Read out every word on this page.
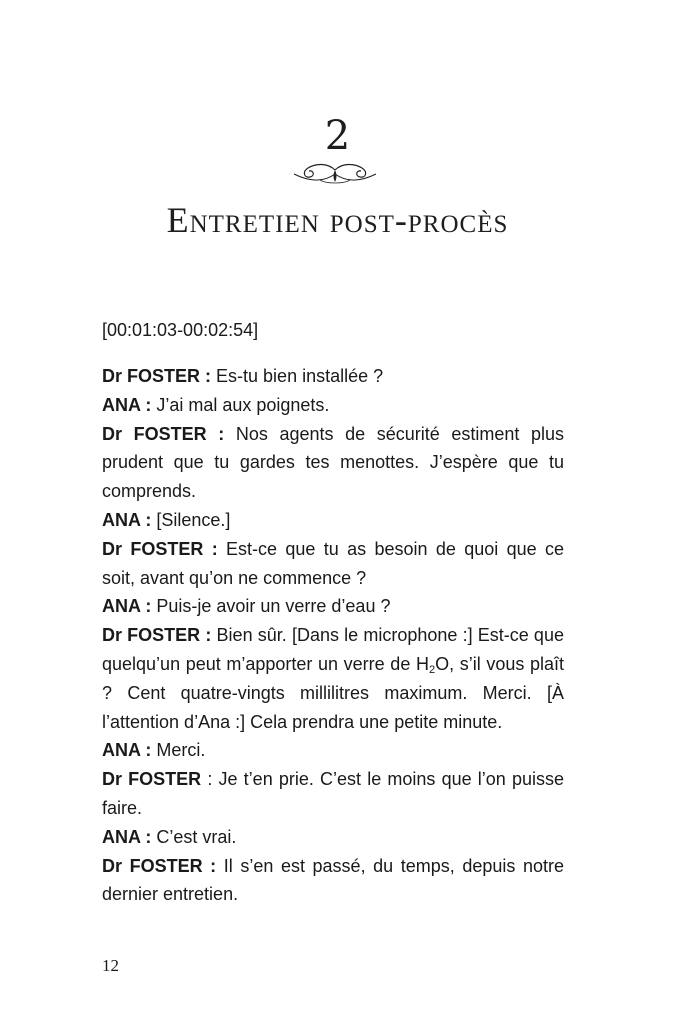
2
Entretien post-procès
[00:01:03-00:02:54]

Dr FOSTER : Es-tu bien installée ?

ANA : J’ai mal aux poignets.

Dr FOSTER : Nos agents de sécurité estiment plus prudent que tu gardes tes menottes. J’espère que tu comprends.

ANA : [Silence.]

Dr FOSTER : Est-ce que tu as besoin de quoi que ce soit, avant qu’on ne commence ?

ANA : Puis-je avoir un verre d’eau ?

Dr FOSTER : Bien sûr. [Dans le microphone :] Est-ce que quelqu’un peut m’apporter un verre de $H_2O$, s’il vous plaît ? Cent quatre-vingts millilitres maximum. Merci. [À l’attention d’Ana :] Cela prendra une petite minute.

ANA : Merci.

Dr FOSTER : Je t’en prie. C’est le moins que l’on puisse faire.

ANA : C’est vrai.

Dr FOSTER : Il s’en est passé, du temps, depuis notre dernier entretien.

12
